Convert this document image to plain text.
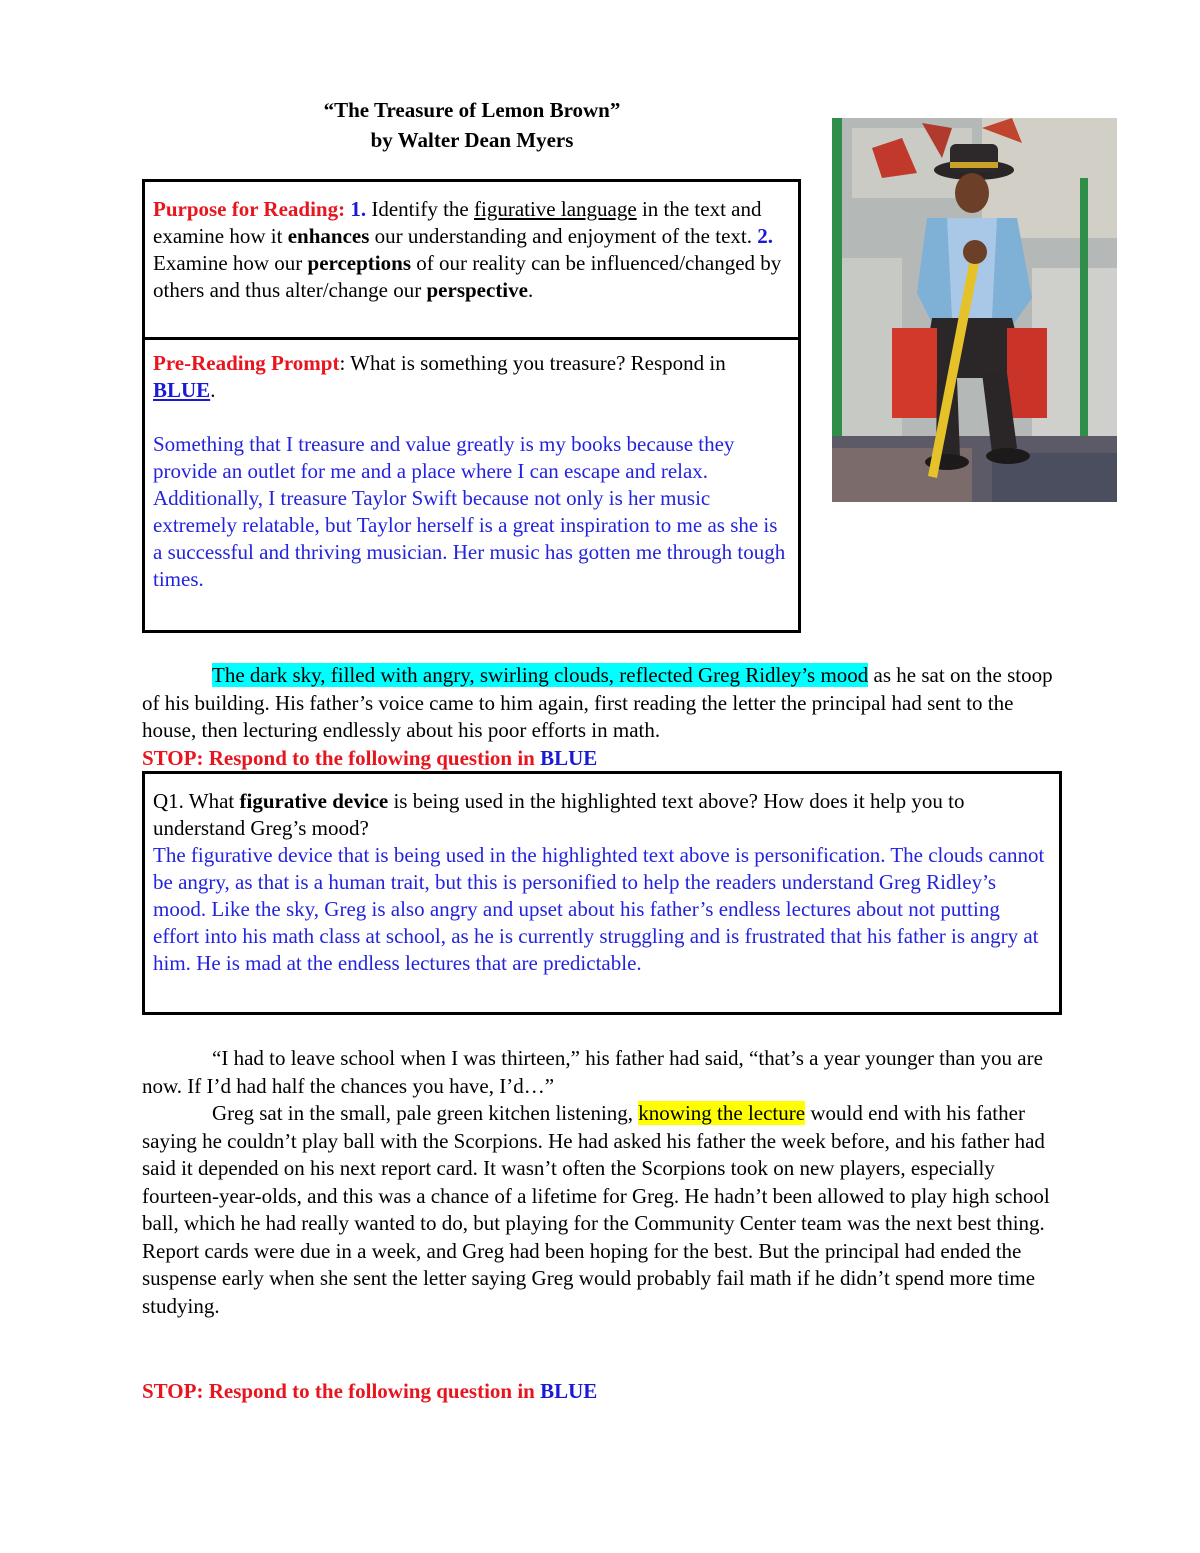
“The Treasure of Lemon Brown”
by Walter Dean Myers
Purpose for Reading: 1. Identify the figurative language in the text and examine how it enhances our understanding and enjoyment of the text. 2. Examine how our perceptions of our reality can be influenced/changed by others and thus alter/change our perspective.
Pre-Reading Prompt: What is something you treasure? Respond in BLUE.
Something that I treasure and value greatly is my books because they provide an outlet for me and a place where I can escape and relax. Additionally, I treasure Taylor Swift because not only is her music extremely relatable, but Taylor herself is a great inspiration to me as she is a successful and thriving musician. Her music has gotten me through tough times.
The dark sky, filled with angry, swirling clouds, reflected Greg Ridley’s mood as he sat on the stoop of his building. His father’s voice came to him again, first reading the letter the principal had sent to the house, then lecturing endlessly about his poor efforts in math.
STOP: Respond to the following question in BLUE
Q1. What figurative device is being used in the highlighted text above? How does it help you to understand Greg’s mood?
The figurative device that is being used in the highlighted text above is personification. The clouds cannot be angry, as that is a human trait, but this is personified to help the readers understand Greg Ridley’s mood. Like the sky, Greg is also angry and upset about his father’s endless lectures about not putting effort into his math class at school, as he is currently struggling and is frustrated that his father is angry at him. He is mad at the endless lectures that are predictable.
“I had to leave school when I was thirteen,” his father had said, “that’s a year younger than you are now. If I’d had half the chances you have, I’d…”
Greg sat in the small, pale green kitchen listening, knowing the lecture would end with his father saying he couldn’t play ball with the Scorpions. He had asked his father the week before, and his father had said it depended on his next report card. It wasn’t often the Scorpions took on new players, especially fourteen-year-olds, and this was a chance of a lifetime for Greg. He hadn’t been allowed to play high school ball, which he had really wanted to do, but playing for the Community Center team was the next best thing. Report cards were due in a week, and Greg had been hoping for the best. But the principal had ended the suspense early when she sent the letter saying Greg would probably fail math if he didn’t spend more time studying.
STOP: Respond to the following question in BLUE
